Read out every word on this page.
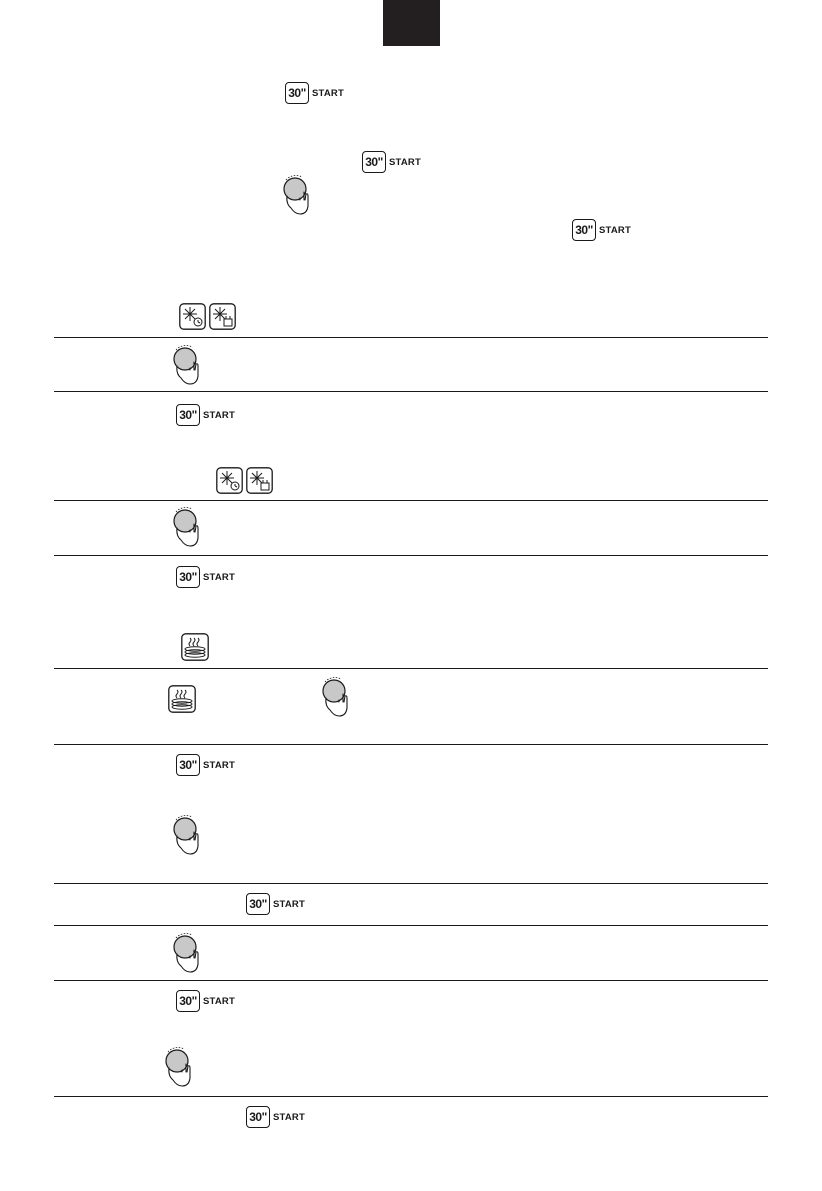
30 " START
30 " START
30 " START
30 " START
30 " START
30 " START
30 " START
30 " START
30 " START
